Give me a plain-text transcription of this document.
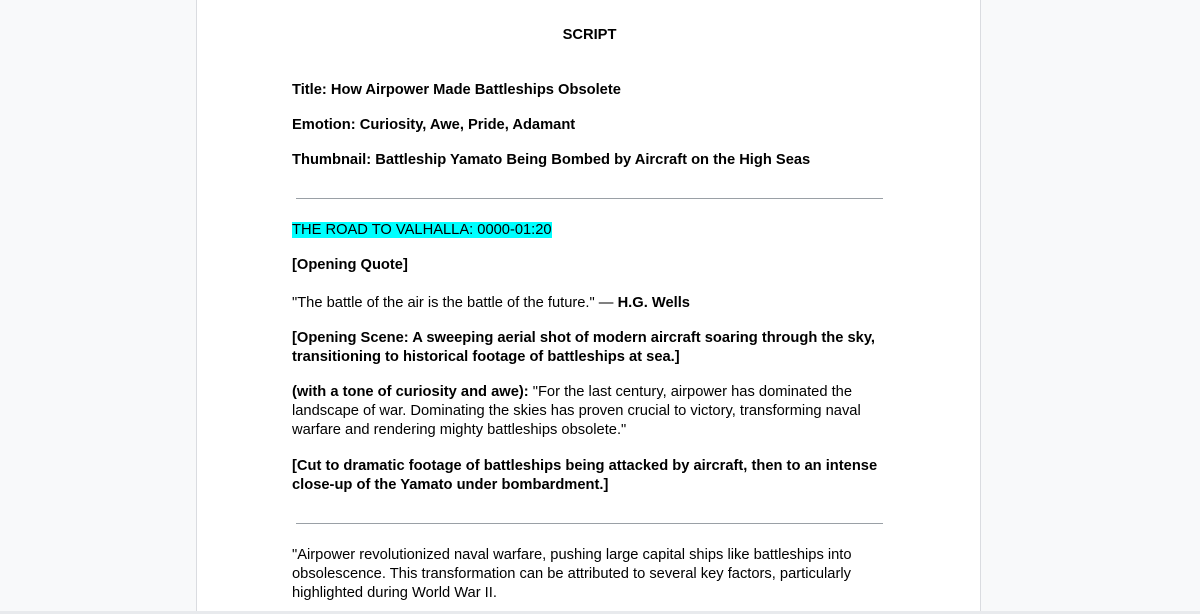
SCRIPT
Title: How Airpower Made Battleships Obsolete
Emotion: Curiosity, Awe, Pride, Adamant
Thumbnail: Battleship Yamato Being Bombed by Aircraft on the High Seas
THE ROAD TO VALHALLA: 0000-01:20
[Opening Quote]
"The battle of the air is the battle of the future." — H.G. Wells
[Opening Scene: A sweeping aerial shot of modern aircraft soaring through the sky, transitioning to historical footage of battleships at sea.]
(with a tone of curiosity and awe): "For the last century, airpower has dominated the landscape of war. Dominating the skies has proven crucial to victory, transforming naval warfare and rendering mighty battleships obsolete."
[Cut to dramatic footage of battleships being attacked by aircraft, then to an intense close-up of the Yamato under bombardment.]
"Airpower revolutionized naval warfare, pushing large capital ships like battleships into obsolescence. This transformation can be attributed to several key factors, particularly highlighted during World War II.
